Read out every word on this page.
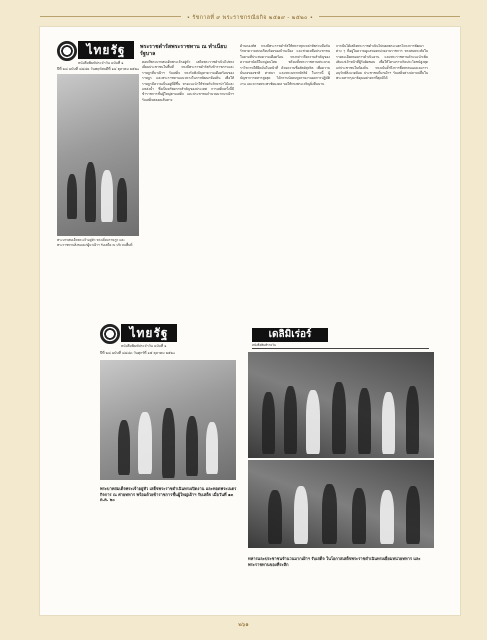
• รัชกาลที่ ๙ พระราชกรณียกิจ ๒๕๑๙ - ๒๕๒๐ •
ไทยรัฐ
หนังสือพิมพ์ประจำวัน ฉบับที่ ๑
ปีที่ ๒๘ ฉบับที่ ๘๔๘๒ วันพฤหัสบดีที่ ๑๔ ตุลาคม ๒๕๒๐
พระราชดำรัสพระราชทาน ณ ทำเนียบรัฐบาล
ตอนที่พระบาทสมเด็จพระเจ้าอยู่หัว เสด็จพระราชดำเนินไปทรงเยี่ยมประชาชนในพื้นที่ ทรงมีพระราชดำรัสกับข้าราชการและราษฎรที่มาเฝ้าฯ รับเสด็จ ทรงรับฟังปัญหาความเดือดร้อนของราษฎร และพระราชทานแนวทางในการพัฒนาท้องถิ่น เพื่อให้ราษฎรมีความเป็นอยู่ที่ดีขึ้น ทรงแนะนำให้ช่วยกันรักษาป่าไม้และแหล่งน้ำ ซึ่งเป็นทรัพยากรสำคัญของประเทศ การเสด็จครั้งนี้มีข้าราชการชั้นผู้ใหญ่ตามเสด็จ และประชาชนจำนวนมากมาเฝ้าฯ รับเสด็จตลอดเส้นทาง
พระบาทสมเด็จพระเจ้าอยู่หัว ทรงเยี่ยมราษฎร และพระราชทานสิ่งของแก่ผู้มาเฝ้าฯ รับเสด็จ ณ บริเวณพื้นที่
ด้านกองทัพ ทรงมีพระราชดำรัสให้ทหารทุกเหล่าทัพร่วมมือกันรักษาความสงบเรียบร้อยของบ้านเมือง และช่วยเหลือประชาชนในยามที่ประสบความเดือดร้อน ทรงกล่าวถึงความสำคัญของความสามัคคีในหมู่คนไทย พร้อมทั้งพระราชทานพระบรมราโชวาทให้ยึดมั่นในหน้าที่ ด้วยความซื่อสัตย์สุจริต เพื่อความมั่นคงของชาติ ศาสนา และพระมหากษัตริย์ ในการนี้ ผู้บัญชาการทหารสูงสุด ได้กราบบังคมทูลรายงานผลการปฏิบัติงาน และถวายพระพรชัยมงคล ขอให้ทรงพระเจริญยิ่งยืนนาน
จากนั้นได้เสด็จพระราชดำเนินไปทอดพระเนตรโครงการพัฒนาต่าง ๆ ที่อยู่ในความดูแลของหน่วยงานราชการ ทรงสนพระทัยในรายละเอียดของการดำเนินงาน และพระราชทานคำแนะนำเพิ่มเติมแก่เจ้าหน้าที่ผู้รับผิดชอบ เพื่อให้โครงการเกิดประโยชน์สูงสุดแก่ประชาชนในท้องถิ่น ทรงเน้นย้ำถึงการพึ่งพาตนเองและการอนุรักษ์สิ่งแวดล้อม ประชาชนที่มาเฝ้าฯ รับเสด็จต่างปลาบปลื้มในพระมหากรุณาธิคุณอย่างหาที่สุดมิได้
ไทยรัฐ
หนังสือพิมพ์ประจำวัน ฉบับที่ ๑
ปีที่ ๒๘ ฉบับที่ ๘๔๘๓ วันศุกร์ที่ ๑๕ ตุลาคม ๒๕๒๐
พระบาทสมเด็จพระเจ้าอยู่หัว เสด็จพระราชดำเนินทรงเปิดงาน และทอดพระเนตรกิจการ ณ ค่ายทหาร พร้อมด้วยข้าราชการชั้นผู้ใหญ่เฝ้าฯ รับเสด็จ เมื่อวันที่ ๑๓ ต.ค. ๒๐
เดลิมิเร่อร์
หนังสือพิมพ์รายวัน
ทหารและประชาชนจำนวนมากเฝ้าฯ รับเสด็จ ในโอกาสเสด็จพระราชดำเนินทรงเยี่ยมหน่วยทหาร และพระราชทานของที่ระลึก
๒๖๑
